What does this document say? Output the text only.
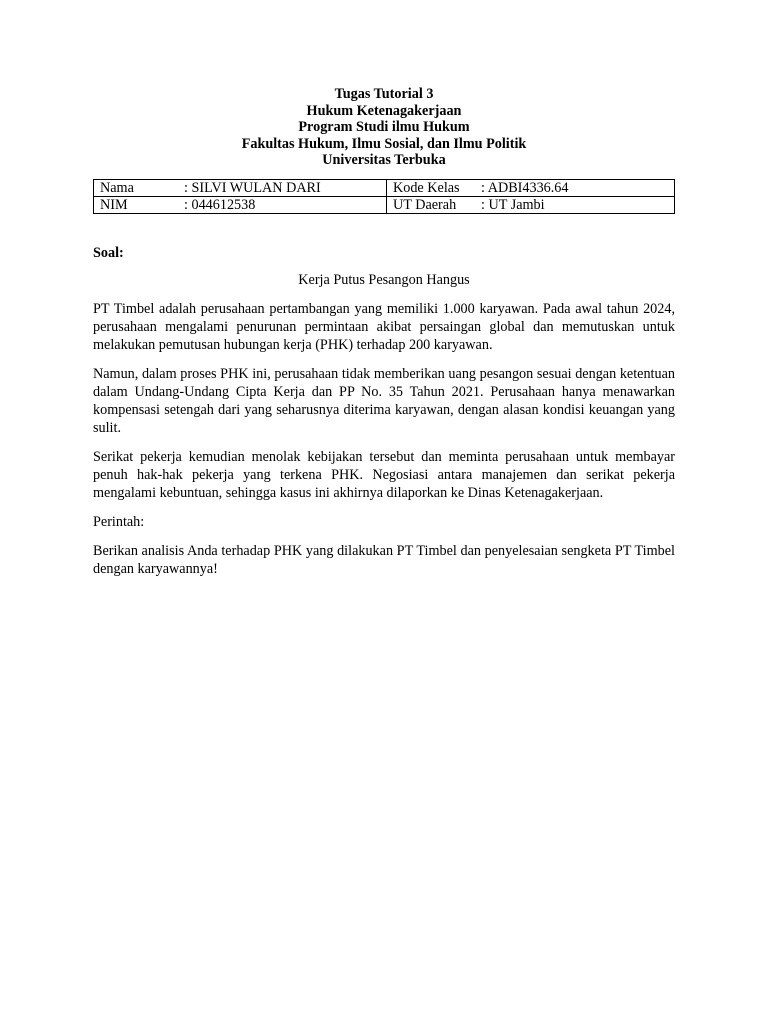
Tugas Tutorial 3
Hukum Ketenagakerjaan
Program Studi ilmu Hukum
Fakultas Hukum, Ilmu Sosial, dan Ilmu Politik
Universitas Terbuka
Nama	: SILVI WULAN DARI	Kode Kelas	: ADBI4336.64
NIM	: 044612538	UT Daerah	: UT Jambi
Soal:
Kerja Putus Pesangon Hangus

PT Timbel adalah perusahaan pertambangan yang memiliki 1.000 karyawan. Pada awal tahun 2024, perusahaan mengalami penurunan permintaan akibat persaingan global dan memutuskan untuk melakukan pemutusan hubungan kerja (PHK) terhadap 200 karyawan.

Namun, dalam proses PHK ini, perusahaan tidak memberikan uang pesangon sesuai dengan ketentuan dalam Undang-Undang Cipta Kerja dan PP No. 35 Tahun 2021. Perusahaan hanya menawarkan kompensasi setengah dari yang seharusnya diterima karyawan, dengan alasan kondisi keuangan yang sulit.

Serikat pekerja kemudian menolak kebijakan tersebut dan meminta perusahaan untuk membayar penuh hak-hak pekerja yang terkena PHK. Negosiasi antara manajemen dan serikat pekerja mengalami kebuntuan, sehingga kasus ini akhirnya dilaporkan ke Dinas Ketenagakerjaan.

Perintah:

Berikan analisis Anda terhadap PHK yang dilakukan PT Timbel dan penyelesaian sengketa PT Timbel dengan karyawannya!
